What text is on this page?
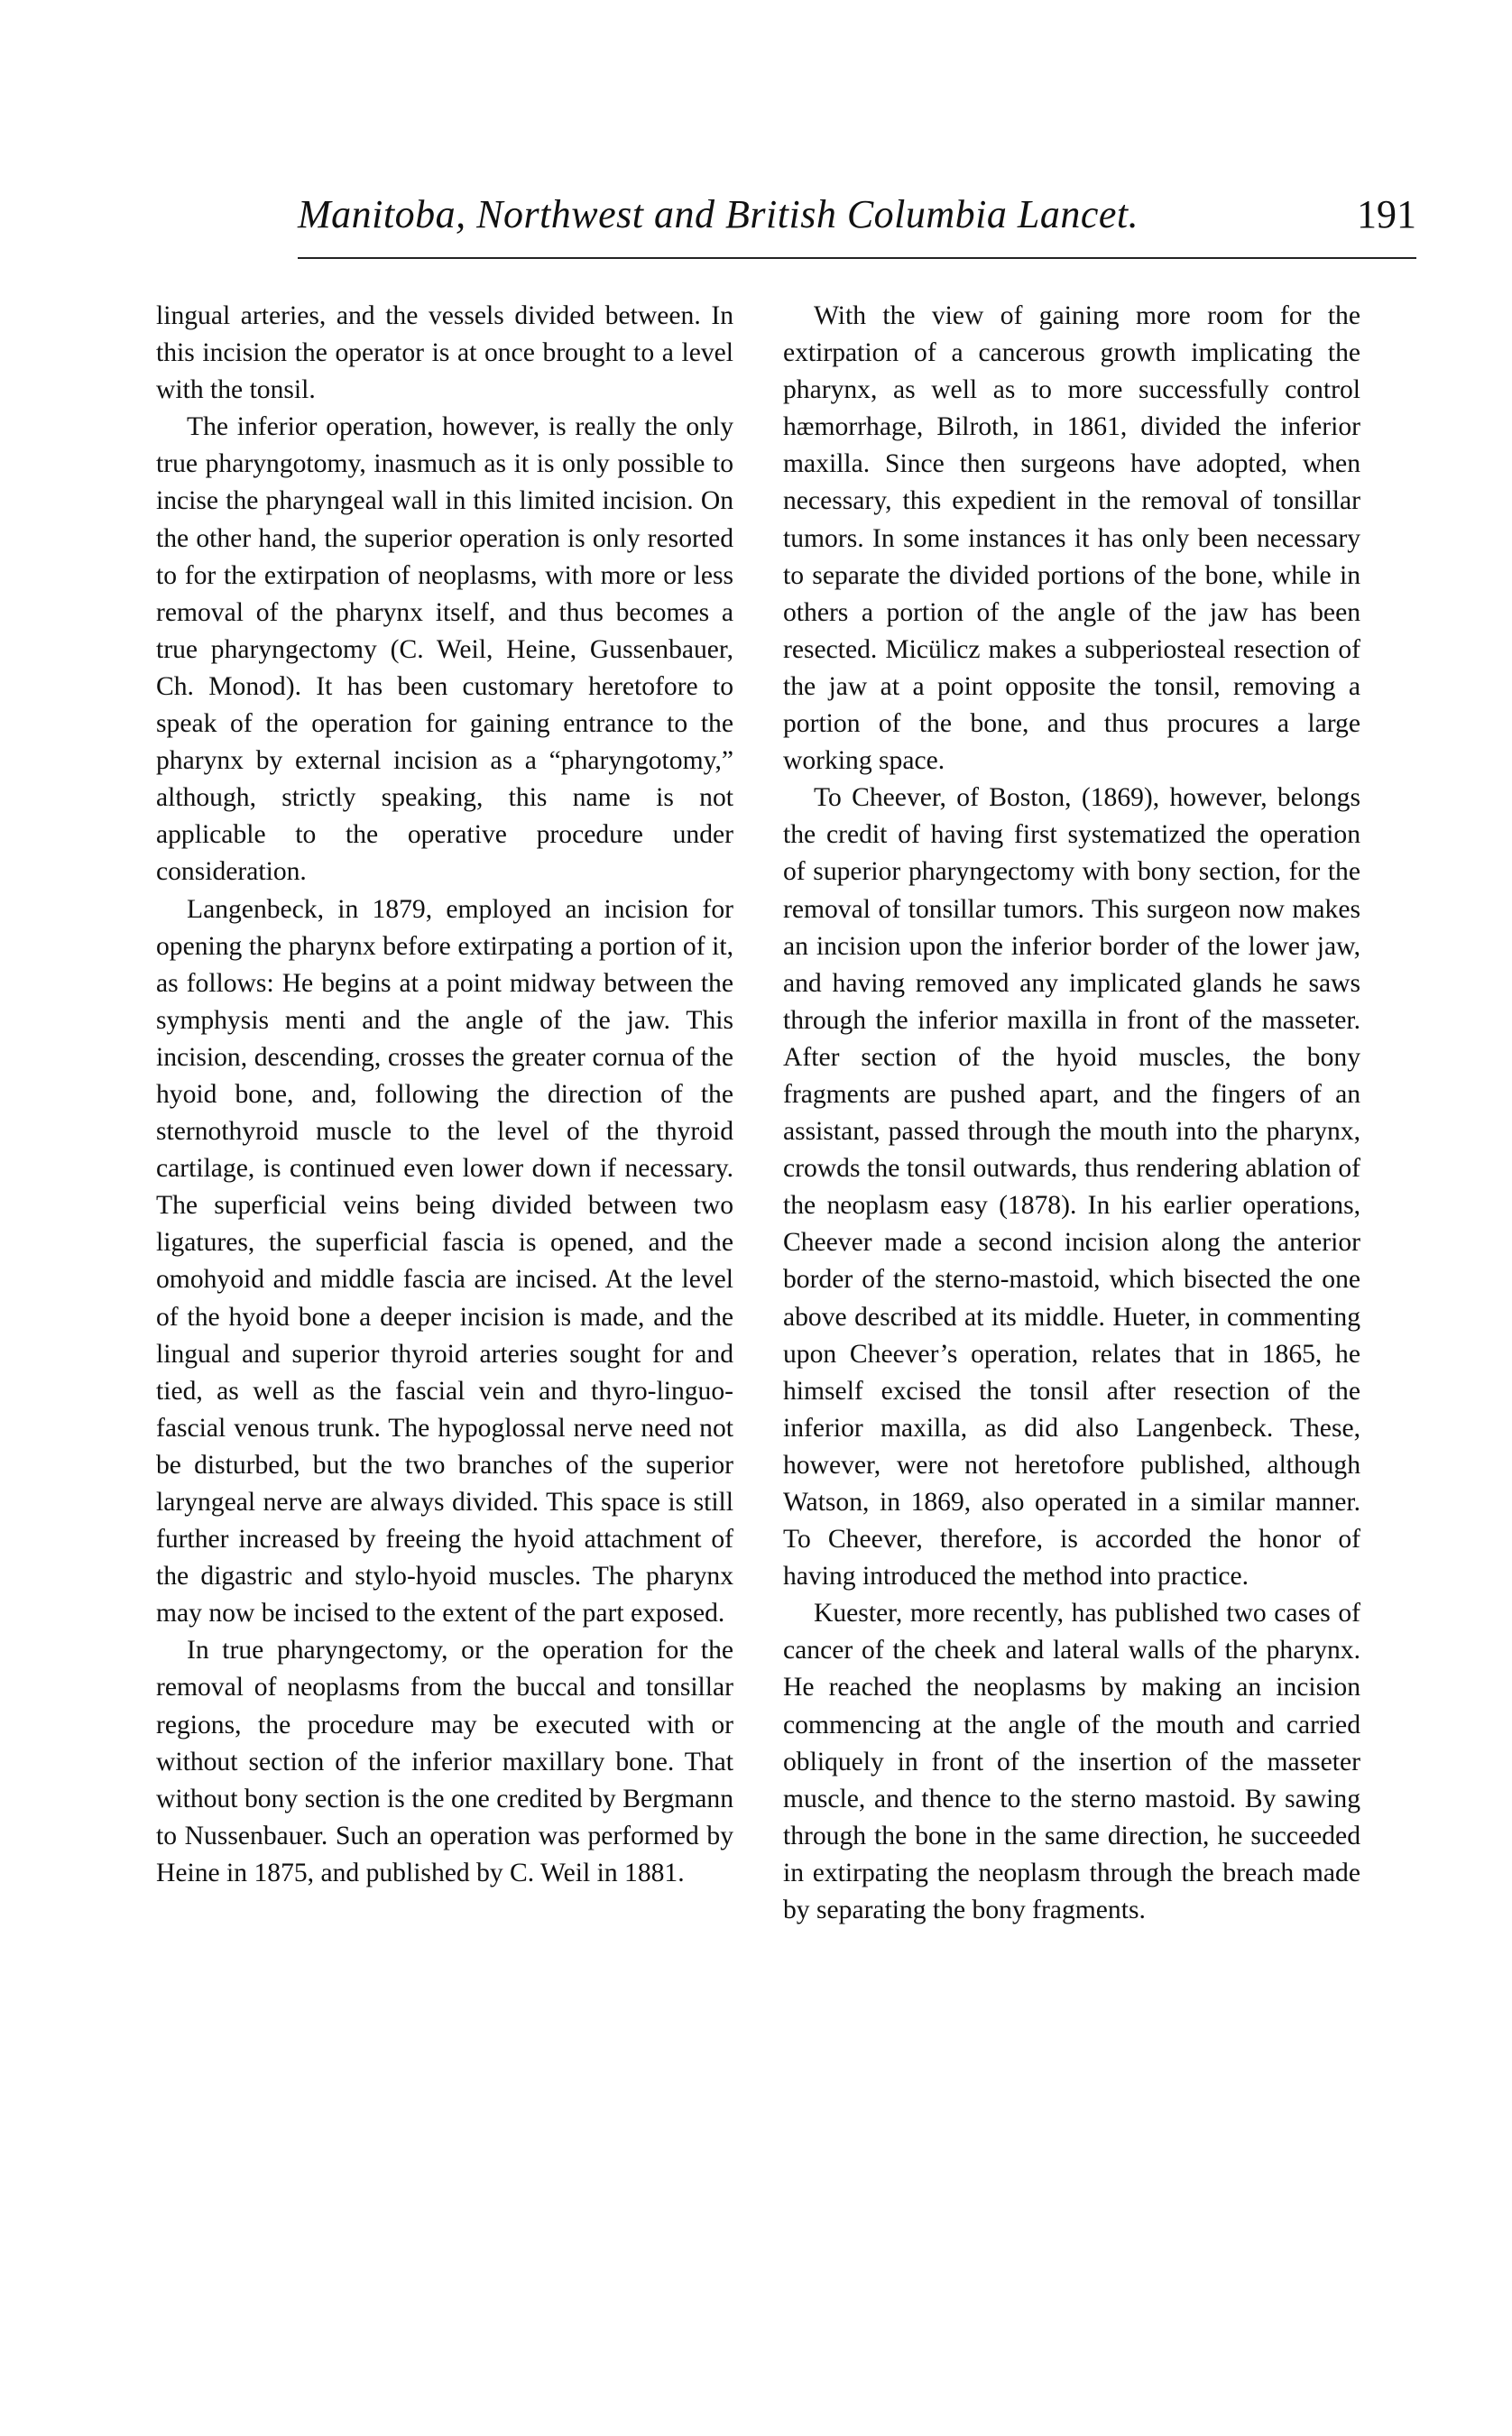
Manitoba, Northwest and British Columbia Lancet.	191

lingual arteries, and the vessels divided between. In this incision the operator is at once brought to a level with the tonsil.

The inferior operation, however, is really the only true pharyngotomy, inasmuch as it is only possible to incise the pharyngeal wall in this limited incision. On the other hand, the superior operation is only resorted to for the extirpation of neoplasms, with more or less removal of the pharynx itself, and thus becomes a true pharyngectomy (C. Weil, Heine, Gussenbauer, Ch. Monod). It has been customary heretofore to speak of the operation for gaining entrance to the pharynx by external incision as a “pharyngotomy,” although, strictly speaking, this name is not applicable to the operative procedure under consideration.

Langenbeck, in 1879, employed an incision for opening the pharynx before extirpating a portion of it, as follows: He begins at a point midway between the symphysis menti and the angle of the jaw. This incision, descending, crosses the greater cornua of the hyoid bone, and, following the direction of the sternothyroid muscle to the level of the thyroid cartilage, is continued even lower down if necessary. The superficial veins being divided between two ligatures, the superficial fascia is opened, and the omohyoid and middle fascia are incised. At the level of the hyoid bone a deeper incision is made, and the lingual and superior thyroid arteries sought for and tied, as well as the fascial vein and thyro-linguo-fascial venous trunk. The hypoglossal nerve need not be disturbed, but the two branches of the superior laryngeal nerve are always divided. This space is still further increased by freeing the hyoid attachment of the digastric and stylo-hyoid muscles. The pharynx may now be incised to the extent of the part exposed.

In true pharyngectomy, or the operation for the removal of neoplasms from the buccal and tonsillar regions, the procedure may be executed with or without section of the inferior maxillary bone. That without bony section is the one credited by Bergmann to Nussenbauer. Such an operation was performed by Heine in 1875, and published by C. Weil in 1881.

With the view of gaining more room for the extirpation of a cancerous growth implicating the pharynx, as well as to more successfully control hæmorrhage, Bilroth, in 1861, divided the inferior maxilla. Since then surgeons have adopted, when necessary, this expedient in the removal of tonsillar tumors. In some instances it has only been necessary to separate the divided portions of the bone, while in others a portion of the angle of the jaw has been resected. Micülicz makes a subperiosteal resection of the jaw at a point opposite the tonsil, removing a portion of the bone, and thus procures a large working space.

To Cheever, of Boston, (1869), however, belongs the credit of having first systematized the operation of superior pharyngectomy with bony section, for the removal of tonsillar tumors. This surgeon now makes an incision upon the inferior border of the lower jaw, and having removed any implicated glands he saws through the inferior maxilla in front of the masseter. After section of the hyoid muscles, the bony fragments are pushed apart, and the fingers of an assistant, passed through the mouth into the pharynx, crowds the tonsil outwards, thus rendering ablation of the neoplasm easy (1878). In his earlier operations, Cheever made a second incision along the anterior border of the sterno-mastoid, which bisected the one above described at its middle. Hueter, in commenting upon Cheever’s operation, relates that in 1865, he himself excised the tonsil after resection of the inferior maxilla, as did also Langenbeck. These, however, were not heretofore published, although Watson, in 1869, also operated in a similar manner. To Cheever, therefore, is accorded the honor of having introduced the method into practice.

Kuester, more recently, has published two cases of cancer of the cheek and lateral walls of the pharynx. He reached the neoplasms by making an incision commencing at the angle of the mouth and carried obliquely in front of the insertion of the masseter muscle, and thence to the sterno mastoid. By sawing through the bone in the same direction, he succeeded in extirpating the neoplasm through the breach made by separating the bony fragments.
